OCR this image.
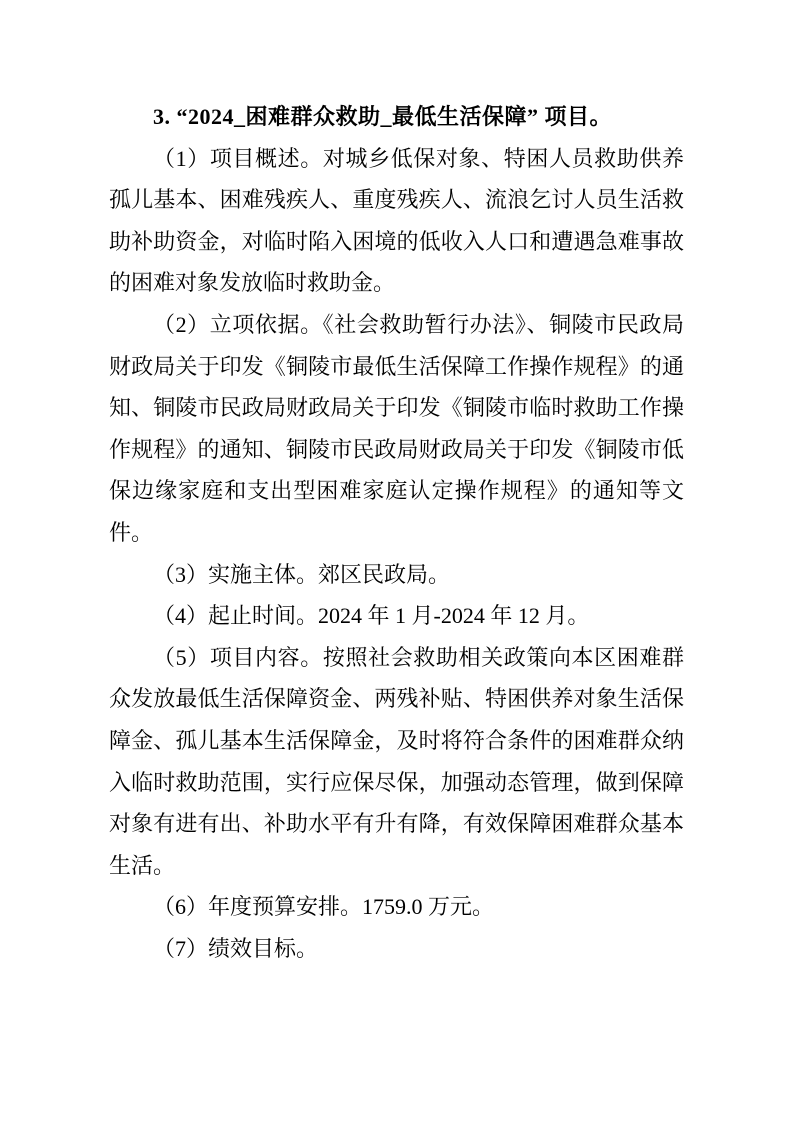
3. “2024_困难群众救助_最低生活保障” 项目。

（1）项目概述。对城乡低保对象、特困人员救助供养孤儿基本、困难残疾人、重度残疾人、流浪乞讨人员生活救助补助资金，对临时陷入困境的低收入人口和遭遇急难事故的困难对象发放临时救助金。

（2）立项依据。《社会救助暂行办法》、铜陵市民政局财政局关于印发《铜陵市最低生活保障工作操作规程》的通知、铜陵市民政局财政局关于印发《铜陵市临时救助工作操作规程》的通知、铜陵市民政局财政局关于印发《铜陵市低保边缘家庭和支出型困难家庭认定操作规程》的通知等文件。

（3）实施主体。郊区民政局。

（4）起止时间。2024 年 1 月-2024 年 12 月。

（5）项目内容。按照社会救助相关政策向本区困难群众发放最低生活保障资金、两残补贴、特困供养对象生活保障金、孤儿基本生活保障金，及时将符合条件的困难群众纳入临时救助范围，实行应保尽保，加强动态管理，做到保障对象有进有出、补助水平有升有降，有效保障困难群众基本生活。

（6）年度预算安排。1759.0 万元。

（7）绩效目标。
